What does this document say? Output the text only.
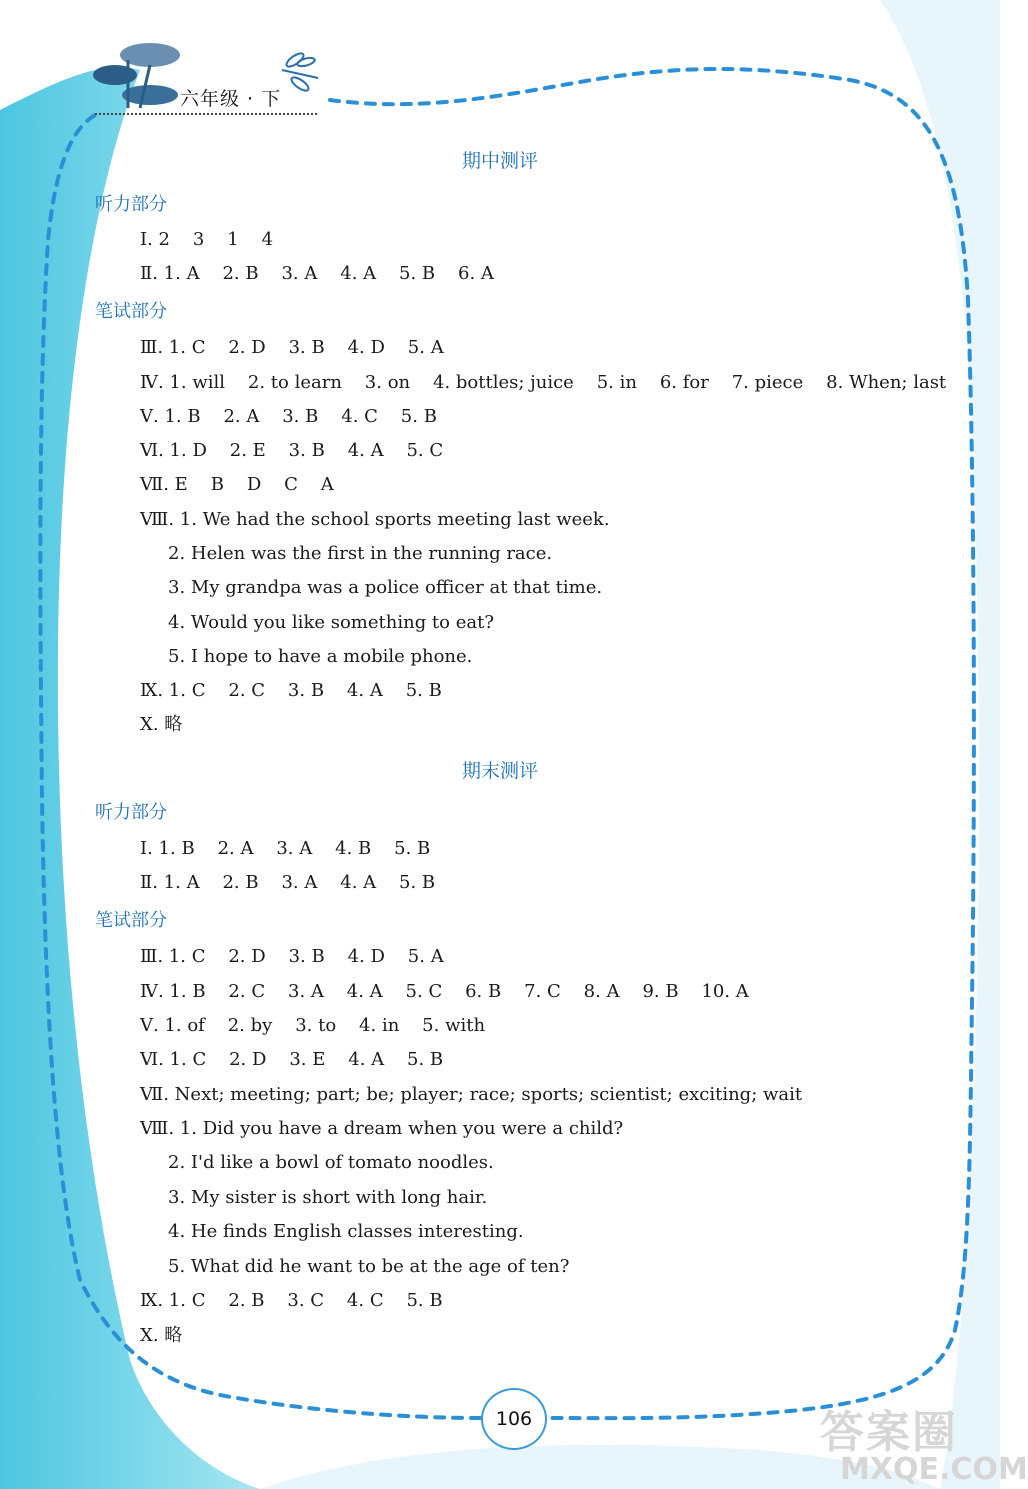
六年级 · 下
期中测评
听力部分
Ⅰ. 2    3    1    4
Ⅱ. 1. A    2. B    3. A    4. A    5. B    6. A
笔试部分
Ⅲ. 1. C    2. D    3. B    4. D    5. A
Ⅳ. 1. will    2. to learn    3. on    4. bottles; juice    5. in    6. for    7. piece    8. When; last
Ⅴ. 1. B    2. A    3. B    4. C    5. B
Ⅵ. 1. D    2. E    3. B    4. A    5. C
Ⅶ. E    B    D    C    A
Ⅷ. 1. We had the school sports meeting last week.
2. Helen was the first in the running race.
3. My grandpa was a police officer at that time.
4. Would you like something to eat?
5. I hope to have a mobile phone.
Ⅸ. 1. C    2. C    3. B    4. A    5. B
Ⅹ. 略
期末测评
听力部分
Ⅰ. 1. B    2. A    3. A    4. B    5. B
Ⅱ. 1. A    2. B    3. A    4. A    5. B
笔试部分
Ⅲ. 1. C    2. D    3. B    4. D    5. A
Ⅳ. 1. B    2. C    3. A    4. A    5. C    6. B    7. C    8. A    9. B    10. A
Ⅴ. 1. of    2. by    3. to    4. in    5. with
Ⅵ. 1. C    2. D    3. E    4. A    5. B
Ⅶ. Next; meeting; part; be; player; race; sports; scientist; exciting; wait
Ⅷ. 1. Did you have a dream when you were a child?
2. I'd like a bowl of tomato noodles.
3. My sister is short with long hair.
4. He finds English classes interesting.
5. What did he want to be at the age of ten?
Ⅸ. 1. C    2. B    3. C    4. C    5. B
Ⅹ. 略
106	答案圈
MXQE.COM
